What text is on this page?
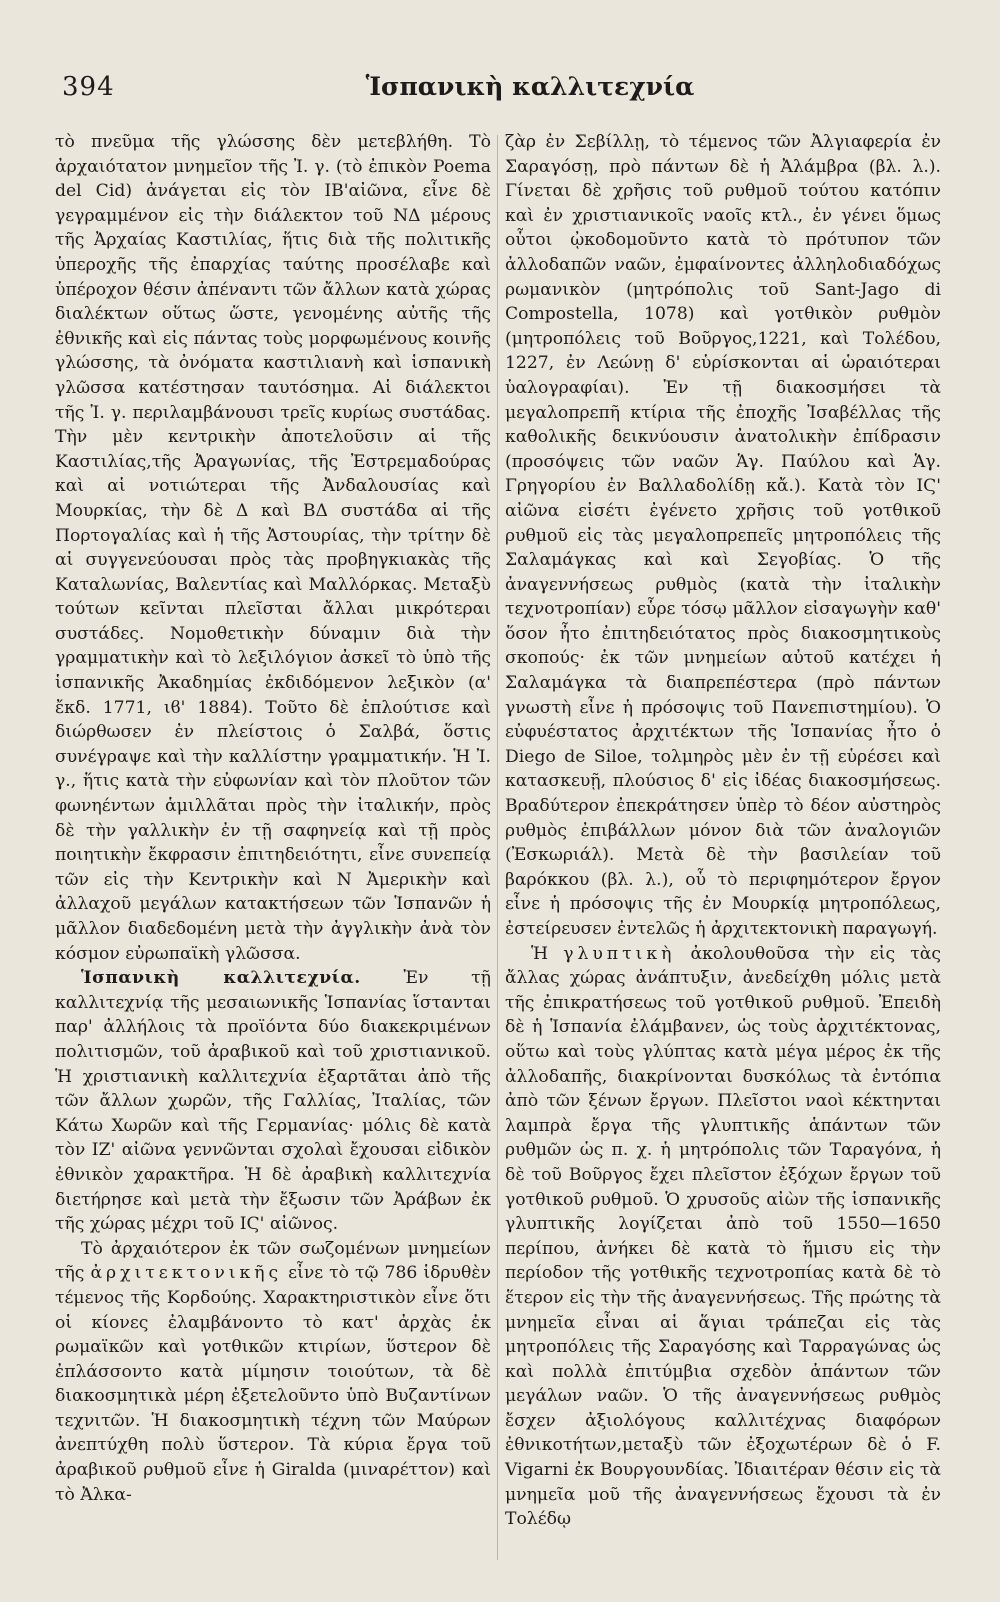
394	Ἱσπανικὴ καλλιτεχνία

τὸ πνεῦμα τῆς γλώσσης δὲν μετεβλήθη. Τὸ ἀρχαιότατον μνημεῖον τῆς Ἰ. γ. (τὸ ἐπικὸν Poema del Cid) ἀνάγεται εἰς τὸν ΙΒ'αἰῶνα, εἶνε δὲ γεγραμμένον εἰς τὴν διάλεκτον τοῦ ΝΔ μέρους τῆς Ἀρχαίας Καστιλίας, ἥτις διὰ τῆς πολιτικῆς ὑπεροχῆς τῆς ἐπαρχίας ταύτης προσέλαβε καὶ ὑπέροχον θέσιν ἀπέναντι τῶν ἄλλων κατὰ χώρας διαλέκτων οὕτως ὥστε, γενομένης αὐτῆς τῆς ἐθνικῆς καὶ εἰς πάντας τοὺς μορφωμένους κοινῆς γλώσσης, τὰ ὀνόματα καστιλιανὴ καὶ ἱσπανικὴ γλῶσσα κατέστησαν ταυτόσημα. Αἱ διάλεκτοι τῆς Ἰ. γ. περιλαμβάνουσι τρεῖς κυρίως συστάδας. Τὴν μὲν κεντρικὴν ἀποτελοῦσιν αἱ τῆς Καστιλίας,τῆς Ἀραγωνίας, τῆς Ἐστρεμαδούρας καὶ αἱ νοτιώτεραι τῆς Ἀνδαλουσίας καὶ Μουρκίας, τὴν δὲ Δ καὶ ΒΔ συστάδα αἱ τῆς Πορτογαλίας καὶ ἡ τῆς Ἀστουρίας, τὴν τρίτην δὲ αἱ συγγενεύουσαι πρὸς τὰς προβηγκιακὰς τῆς Καταλωνίας, Βαλεντίας καὶ Μαλλόρκας. Μεταξὺ τούτων κεῖνται πλεῖσται ἄλλαι μικρότεραι συστάδες. Νομοθετικὴν δύναμιν διὰ τὴν γραμματικὴν καὶ τὸ λεξιλόγιον ἀσκεῖ τὸ ὑπὸ τῆς ἱσπανικῆς Ἀκαδημίας ἐκδιδόμενον λεξικὸν (α' ἔκδ. 1771, ιϐ' 1884). Τοῦτο δὲ ἐπλούτισε καὶ διώρθωσεν ἐν πλείστοις ὁ Σαλβά, ὅστις συνέγραψε καὶ τὴν καλλίστην γραμματικήν. Ἡ Ἰ. γ., ἥτις κατὰ τὴν εὐφωνίαν καὶ τὸν πλοῦτον τῶν φωνηέντων ἁμιλλᾶται πρὸς τὴν ἰταλικήν, πρὸς δὲ τὴν γαλλικὴν ἐν τῇ σαφηνείᾳ καὶ τῇ πρὸς ποιητικὴν ἔκφρασιν ἐπιτηδειότητι, εἶνε συνεπείᾳ τῶν εἰς τὴν Κεντρικὴν καὶ Ν Ἀμερικὴν καὶ ἀλλαχοῦ μεγάλων κατακτήσεων τῶν Ἱσπανῶν ἡ μᾶλλον διαδεδομένη μετὰ τὴν ἀγγλικὴν ἀνὰ τὸν κόσμον εὐρωπαϊκὴ γλῶσσα.

Ἱσπανικὴ καλλιτεχνία. Ἐν τῇ καλλιτεχνίᾳ τῆς μεσαιωνικῆς Ἱσπανίας ἵστανται παρ' ἀλλήλοις τὰ προϊόντα δύο διακεκριμένων πολιτισμῶν, τοῦ ἀραβικοῦ καὶ τοῦ χριστιανικοῦ. Ἡ χριστιανικὴ καλλιτεχνία ἐξαρτᾶται ἀπὸ τῆς τῶν ἄλλων χωρῶν, τῆς Γαλλίας, Ἰταλίας, τῶν Κάτω Χωρῶν καὶ τῆς Γερμανίας· μόλις δὲ κατὰ τὸν ΙΖ' αἰῶνα γεννῶνται σχολαὶ ἔχουσαι εἰδικὸν ἐθνικὸν χαρακτῆρα. Ἡ δὲ ἀραβικὴ καλλιτεχνία διετήρησε καὶ μετὰ τὴν ἔξωσιν τῶν Ἀράβων ἐκ τῆς χώρας μέχρι τοῦ ΙϚ' αἰῶνος.

Τὸ ἀρχαιότερον ἐκ τῶν σωζομένων μνημείων τῆς ἀρχιτεκτονικῆς εἶνε τὸ τῷ 786 ἱδρυθὲν τέμενος τῆς Κορδούης. Χαρακτηριστικὸν εἶνε ὅτι οἱ κίονες ἐλαμβάνοντο τὸ κατ' ἀρχὰς ἐκ ρωμαϊκῶν καὶ γοτθικῶν κτιρίων, ὕστερον δὲ ἐπλάσσοντο κατὰ μίμησιν τοιούτων, τὰ δὲ διακοσμητικὰ μέρη ἐξετελοῦντο ὑπὸ Βυζαντίνων τεχνιτῶν. Ἡ διακοσμητικὴ τέχνη τῶν Μαύρων ἀνεπτύχθη πολὺ ὕστερον. Τὰ κύρια ἔργα τοῦ ἀραβικοῦ ρυθμοῦ εἶνε ἡ Giralda (μιναρέττον) καὶ τὸ Ἀλκα-

ζὰρ ἐν Σεβίλλῃ, τὸ τέμενος τῶν Ἀλγιαφερία ἐν Σαραγόσῃ, πρὸ πάντων δὲ ἡ Ἀλάμβρα (βλ. λ.). Γίνεται δὲ χρῆσις τοῦ ρυθμοῦ τούτου κατόπιν καὶ ἐν χριστιανικοῖς ναοῖς κτλ., ἐν γένει ὅμως οὗτοι ᾠκοδομοῦντο κατὰ τὸ πρότυπον τῶν ἀλλοδαπῶν ναῶν, ἐμφαίνοντες ἀλληλοδιαδόχως ρωμανικὸν (μητρόπολις τοῦ Sant-Jago di Compostella, 1078) καὶ γοτθικὸν ρυθμὸν (μητροπόλεις τοῦ Βοῦργος,1221, καὶ Τολέδου, 1227, ἐν Λεώνῃ δ' εὑρίσκονται αἱ ὡραιότεραι ὑαλογραφίαι). Ἐν τῇ διακοσμήσει τὰ μεγαλοπρεπῆ κτίρια τῆς ἐποχῆς Ἰσαβέλλας τῆς καθολικῆς δεικνύουσιν ἀνατολικὴν ἐπίδρασιν (προσόψεις τῶν ναῶν Ἁγ. Παύλου καὶ Ἁγ. Γρηγορίου ἐν Βαλλαδολίδῃ κἄ.). Κατὰ τὸν ΙϚ' αἰῶνα εἰσέτι ἐγένετο χρῆσις τοῦ γοτθικοῦ ρυθμοῦ εἰς τὰς μεγαλοπρεπεῖς μητροπόλεις τῆς Σαλαμάγκας καὶ καὶ Σεγοβίας. Ὁ τῆς ἀναγεννήσεως ρυθμὸς (κατὰ τὴν ἰταλικὴν τεχνοτροπίαν) εὗρε τόσῳ μᾶλλον εἰσαγωγὴν καθ' ὅσον ἦτο ἐπιτηδειότατος πρὸς διακοσμητικοὺς σκοπούς· ἐκ τῶν μνημείων αὐτοῦ κατέχει ἡ Σαλαμάγκα τὰ διαπρεπέστερα (πρὸ πάντων γνωστὴ εἶνε ἡ πρόσοψις τοῦ Πανεπιστημίου). Ὁ εὐφυέστατος ἀρχιτέκτων τῆς Ἱσπανίας ἦτο ὁ Diego de Siloe, τολμηρὸς μὲν ἐν τῇ εὑρέσει καὶ κατασκευῇ, πλούσιος δ' εἰς ἰδέας διακοσμήσεως. Βραδύτερον ἐπεκράτησεν ὑπὲρ τὸ δέον αὐστηρὸς ρυθμὸς ἐπιβάλλων μόνον διὰ τῶν ἀναλογιῶν (Ἐσκωριάλ). Μετὰ δὲ τὴν βασιλείαν τοῦ βαρόκκου (βλ. λ.), οὗ τὸ περιφημότερον ἔργον εἶνε ἡ πρόσοψις τῆς ἐν Μουρκίᾳ μητροπόλεως, ἐστείρευσεν ἐντελῶς ἡ ἀρχιτεκτονικὴ παραγωγή.

Ἡ γλυπτικὴ ἀκολουθοῦσα τὴν εἰς τὰς ἄλλας χώρας ἀνάπτυξιν, ἀνεδείχθη μόλις μετὰ τῆς ἐπικρατήσεως τοῦ γοτθικοῦ ρυθμοῦ. Ἐπειδὴ δὲ ἡ Ἱσπανία ἐλάμβανεν, ὡς τοὺς ἀρχιτέκτονας, οὕτω καὶ τοὺς γλύπτας κατὰ μέγα μέρος ἐκ τῆς ἀλλοδαπῆς, διακρίνονται δυσκόλως τὰ ἐντόπια ἀπὸ τῶν ξένων ἔργων. Πλεῖστοι ναοὶ κέκτηνται λαμπρὰ ἔργα τῆς γλυπτικῆς ἁπάντων τῶν ρυθμῶν ὡς π. χ. ἡ μητρόπολις τῶν Ταραγόνα, ἡ δὲ τοῦ Βοῦργος ἔχει πλεῖστον ἐξόχων ἔργων τοῦ γοτθικοῦ ρυθμοῦ. Ὁ χρυσοῦς αἰὼν τῆς ἱσπανικῆς γλυπτικῆς λογίζεται ἀπὸ τοῦ 1550—1650 περίπου, ἀνήκει δὲ κατὰ τὸ ἥμισυ εἰς τὴν περίοδον τῆς γοτθικῆς τεχνοτροπίας κατὰ δὲ τὸ ἕτερον εἰς τὴν τῆς ἀναγεννήσεως. Τῆς πρώτης τὰ μνημεῖα εἶναι αἱ ἅγιαι τράπεζαι εἰς τὰς μητροπόλεις τῆς Σαραγόσης καὶ Ταρραγώνας ὡς καὶ πολλὰ ἐπιτύμβια σχεδὸν ἁπάντων τῶν μεγάλων ναῶν. Ὁ τῆς ἀναγεννήσεως ρυθμὸς ἔσχεν ἀξιολόγους καλλιτέχνας διαφόρων ἐθνικοτήτων,μεταξὺ τῶν ἐξοχωτέρων δὲ ὁ F. Vigarni ἐκ Βουργουνδίας. Ἰδιαιτέραν θέσιν εἰς τὰ μνημεῖα μοῦ τῆς ἀναγεννήσεως ἔχουσι τὰ ἐν Τολέδῳ
